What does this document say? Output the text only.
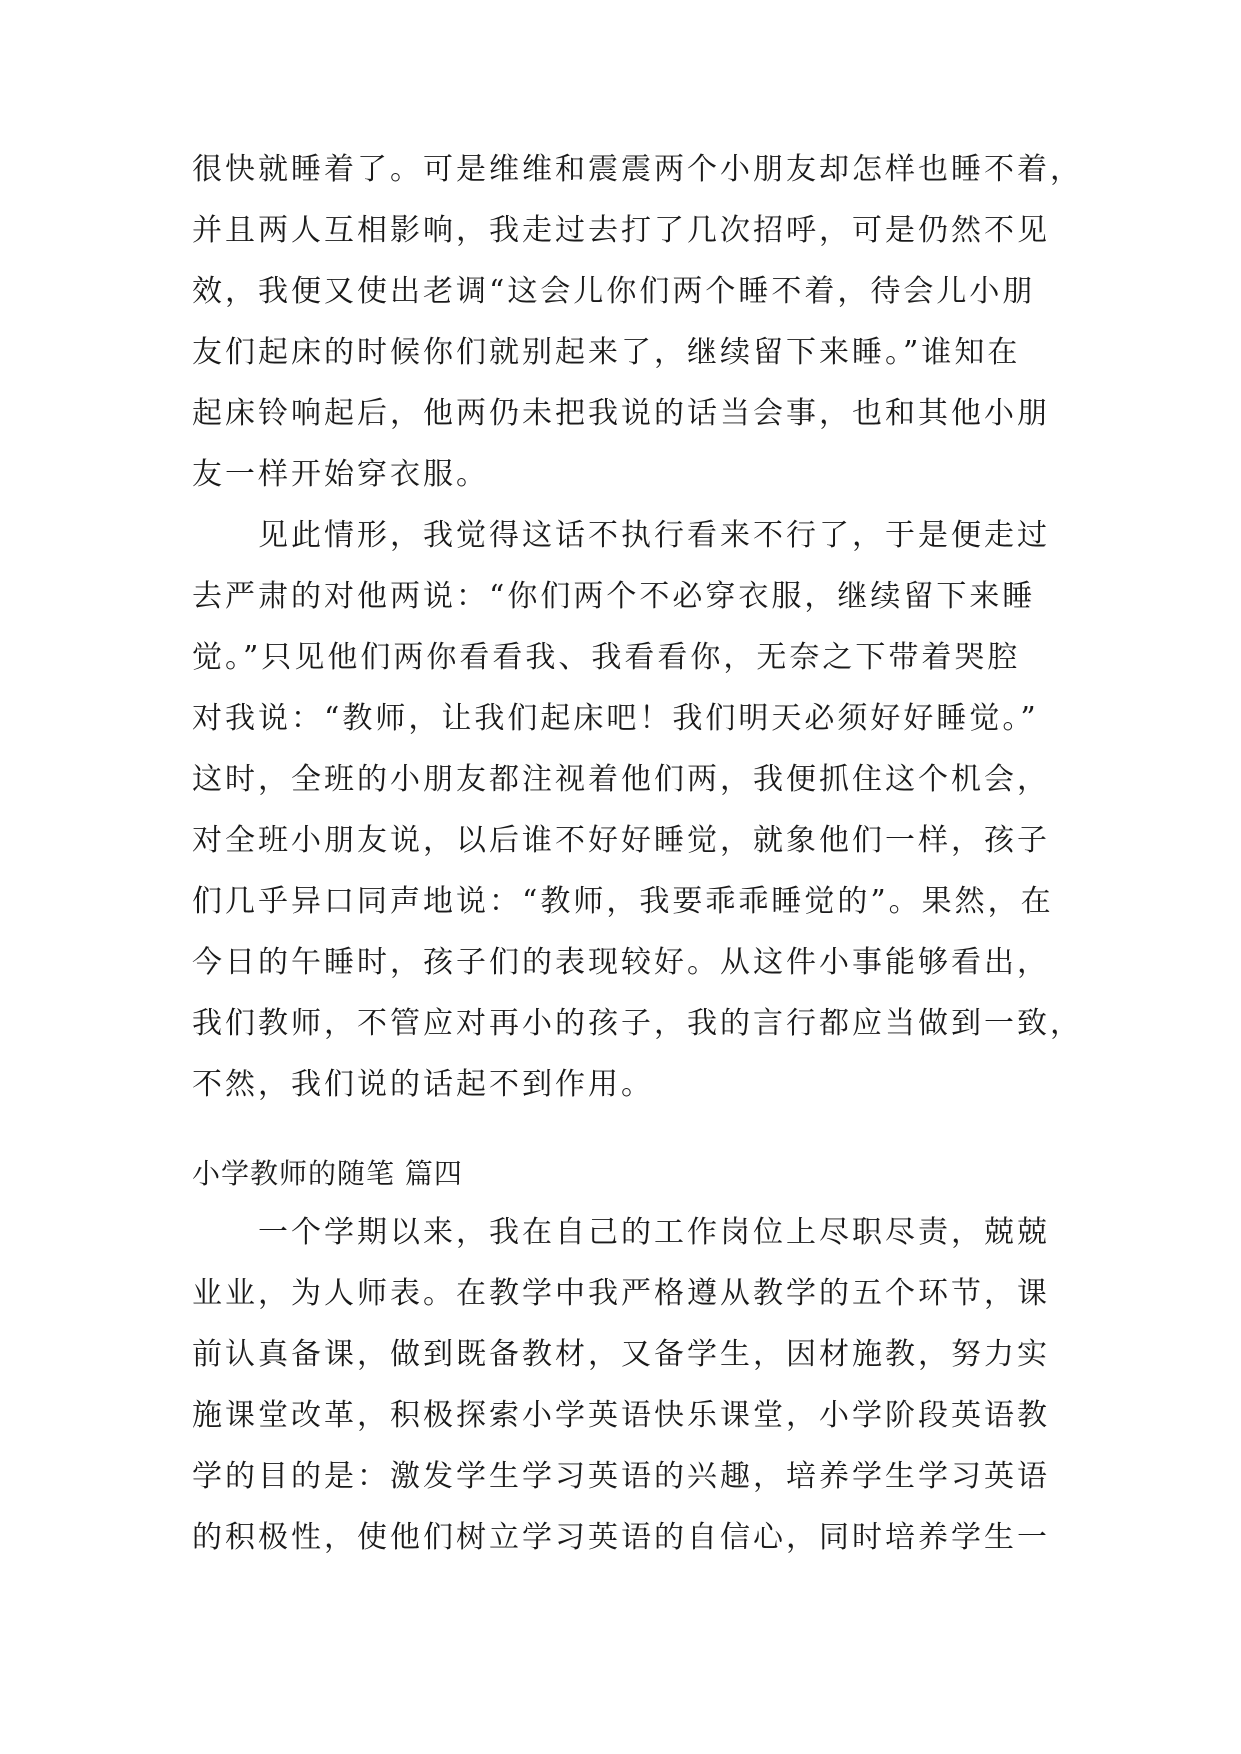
很快就睡着了。可是维维和震震两个小朋友却怎样也睡不着，
并且两人互相影响，我走过去打了几次招呼，可是仍然不见
效，我便又使出老调“这会儿你们两个睡不着，待会儿小朋
友们起床的时候你们就别起来了，继续留下来睡。”谁知在
起床铃响起后，他两仍未把我说的话当会事，也和其他小朋
友一样开始穿衣服。
　　见此情形，我觉得这话不执行看来不行了，于是便走过
去严肃的对他两说：“你们两个不必穿衣服，继续留下来睡
觉。”只见他们两你看看我、我看看你，无奈之下带着哭腔
对我说：“教师，让我们起床吧！我们明天必须好好睡觉。”
这时，全班的小朋友都注视着他们两，我便抓住这个机会，
对全班小朋友说，以后谁不好好睡觉，就象他们一样，孩子
们几乎异口同声地说：“教师，我要乖乖睡觉的”。果然，在
今日的午睡时，孩子们的表现较好。从这件小事能够看出，
我们教师，不管应对再小的孩子，我的言行都应当做到一致，
不然，我们说的话起不到作用。
小学教师的随笔 篇四
　　一个学期以来，我在自己的工作岗位上尽职尽责，兢兢
业业，为人师表。在教学中我严格遵从教学的五个环节，课
前认真备课，做到既备教材，又备学生，因材施教，努力实
施课堂改革，积极探索小学英语快乐课堂，小学阶段英语教
学的目的是：激发学生学习英语的兴趣，培养学生学习英语
的积极性，使他们树立学习英语的自信心，同时培养学生一
